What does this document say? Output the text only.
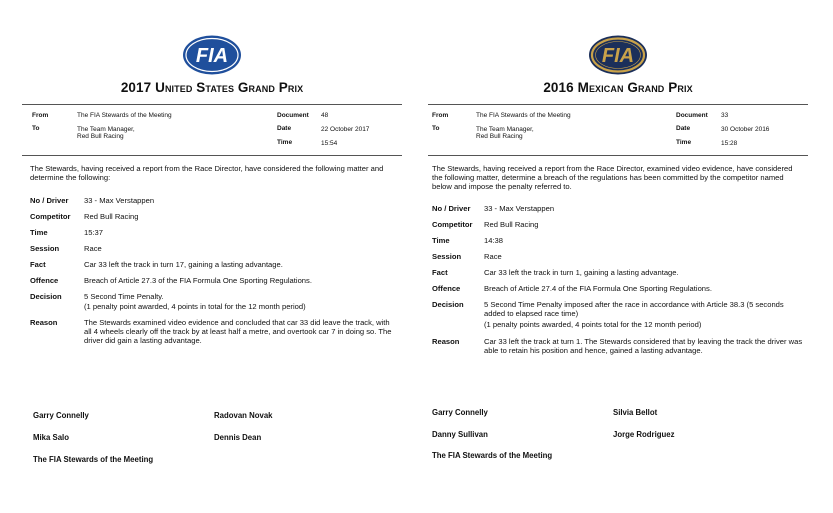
FIA
2017 United States Grand Prix
From	The FIA Stewards of the Meeting
To	The Team Manager,
Red Bull Racing
Document 48
Date	22 October 2017
Time	15:54
The Stewards, having received a report from the Race Director, have considered the following matter and determine the following:
No / Driver 33 - Max Verstappen
Competitor Red Bull Racing
Time	15:37
Session	Race
Fact	Car 33 left the track in turn 17, gaining a lasting advantage.
Offence	Breach of Article 27.3 of the FIA Formula One Sporting Regulations.
Decision	5 Second Time Penalty.
(1 penalty point awarded, 4 points in total for the 12 month period)
Reason	The Stewards examined video evidence and concluded that car 33 did leave the track, with all 4 wheels clearly off the track by at least half a metre, and overtook car 7 in doing so. The driver did gain a lasting advantage.
Garry Connelly	Radovan Novak
Mika Salo	Dennis Dean
The FIA Stewards of the Meeting
FIA
2016 Mexican Grand Prix
From	The FIA Stewards of the Meeting
To	The Team Manager,
Red Bull Racing
Document 33
Date	30 October 2016
Time	15:28
The Stewards, having received a report from the Race Director, examined video evidence, have considered the following matter, determine a breach of the regulations has been committed by the competitor named below and impose the penalty referred to.
No / Driver 33 - Max Verstappen
Competitor Red Bull Racing
Time	14:38
Session	Race
Fact	Car 33 left the track in turn 1, gaining a lasting advantage.
Offence	Breach of Article 27.4 of the FIA Formula One Sporting Regulations.
Decision	5 Second Time Penalty imposed after the race in accordance with Article 38.3 (5 seconds added to elapsed race time)
(1 penalty points awarded, 4 points total for the 12 month period)
Reason	Car 33 left the track at turn 1. The Stewards considered that by leaving the track the driver was able to retain his position and hence, gained a lasting advantage.
Garry Connelly	Silvia Bellot
Danny Sullivan	Jorge Rodriguez
The FIA Stewards of the Meeting
